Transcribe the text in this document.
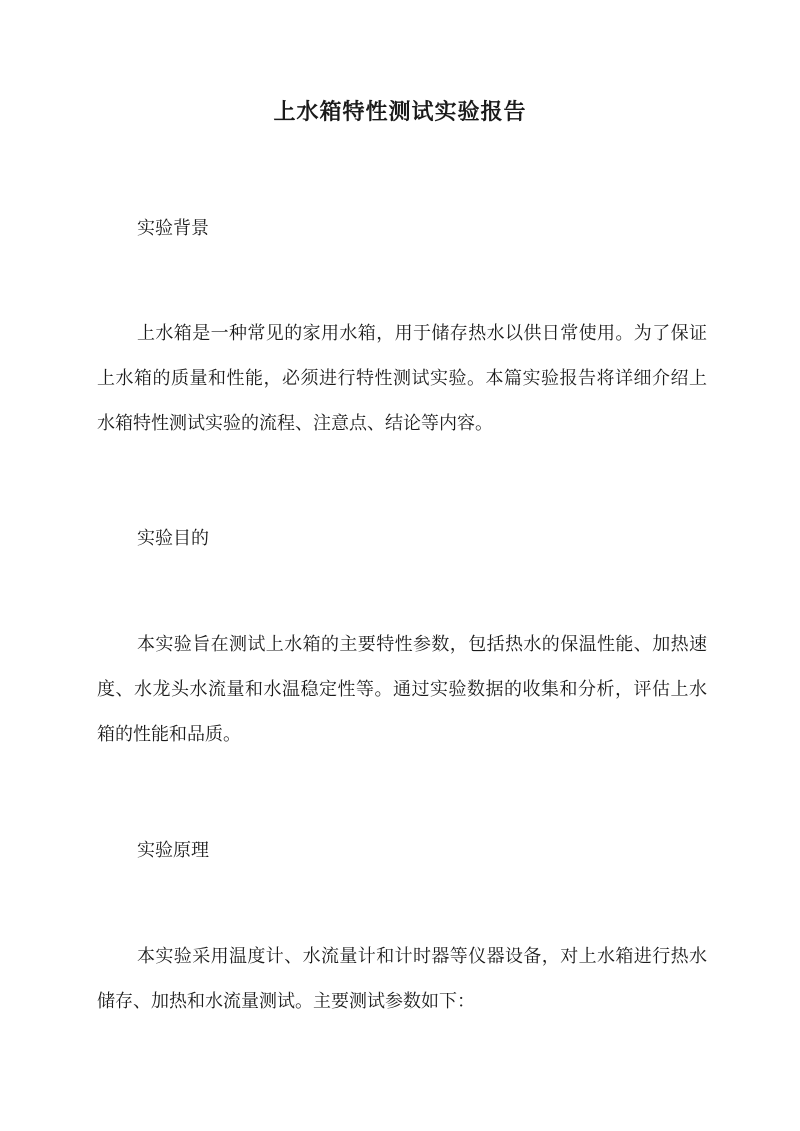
上水箱特性测试实验报告
实验背景

上水箱是一种常见的家用水箱，用于储存热水以供日常使用。为了保证上水箱的质量和性能，必须进行特性测试实验。本篇实验报告将详细介绍上水箱特性测试实验的流程、注意点、结论等内容。

实验目的

本实验旨在测试上水箱的主要特性参数，包括热水的保温性能、加热速度、水龙头水流量和水温稳定性等。通过实验数据的收集和分析，评估上水箱的性能和品质。

实验原理

本实验采用温度计、水流量计和计时器等仪器设备，对上水箱进行热水储存、加热和水流量测试。主要测试参数如下：
